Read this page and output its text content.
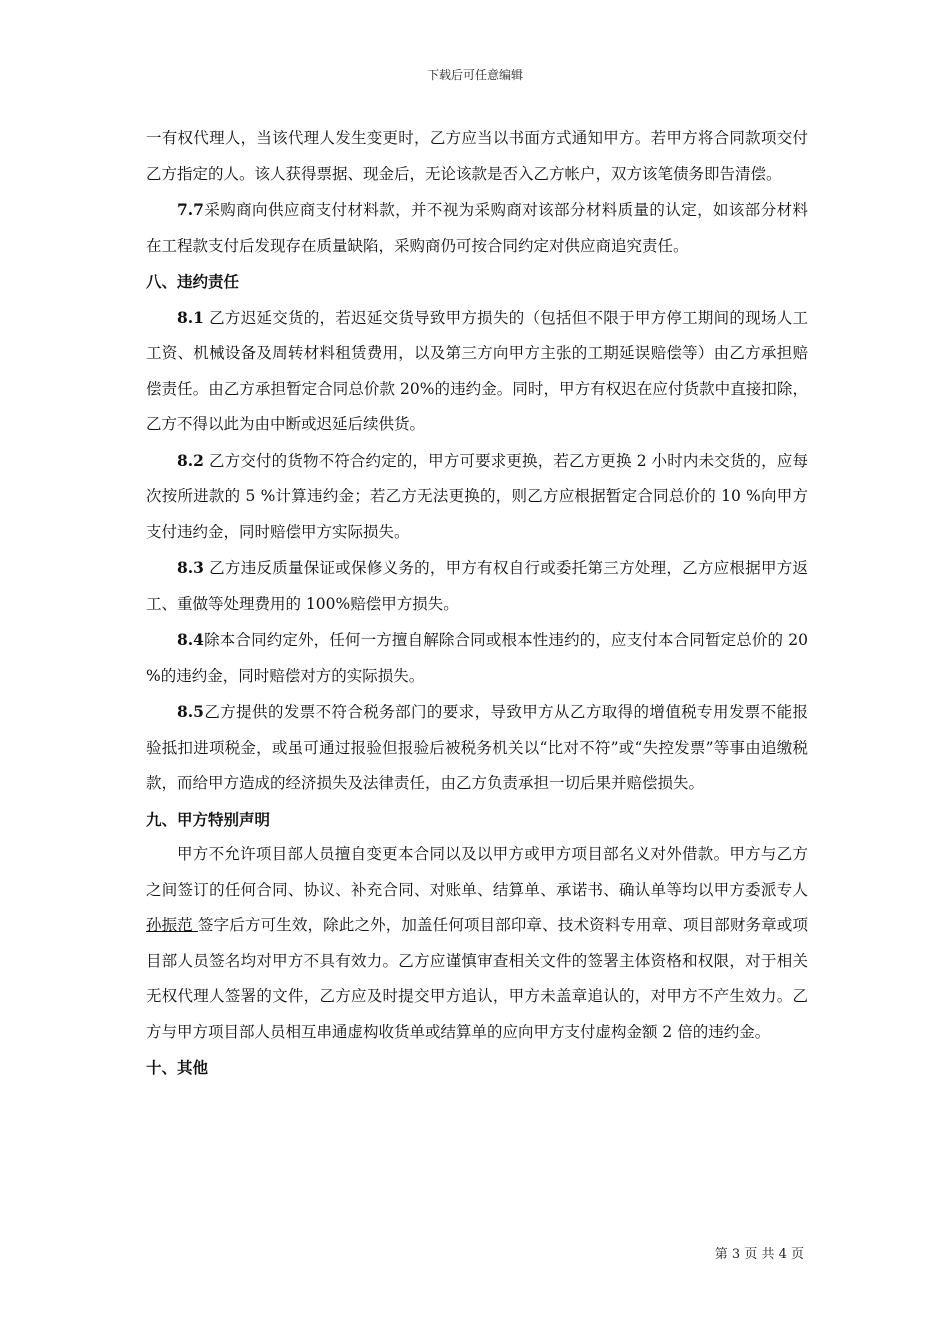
下载后可任意编辑

一有权代理人，当该代理人发生变更时，乙方应当以书面方式通知甲方。若甲方将合同款项交付乙方指定的人。该人获得票据、现金后，无论该款是否入乙方帐户，双方该笔债务即告清偿。

7.7采购商向供应商支付材料款，并不视为采购商对该部分材料质量的认定，如该部分材料在工程款支付后发现存在质量缺陷，采购商仍可按合同约定对供应商追究责任。

八、违约责任

8.1 乙方迟延交货的，若迟延交货导致甲方损失的（包括但不限于甲方停工期间的现场人工工资、机械设备及周转材料租赁费用，以及第三方向甲方主张的工期延误赔偿等）由乙方承担赔偿责任。由乙方承担暂定合同总价款 20%的违约金。同时，甲方有权迟在应付货款中直接扣除，乙方不得以此为由中断或迟延后续供货。

8.2 乙方交付的货物不符合约定的，甲方可要求更换，若乙方更换 2 小时内未交货的，应每次按所进款的 5 %计算违约金；若乙方无法更换的，则乙方应根据暂定合同总价的 10 %向甲方支付违约金，同时赔偿甲方实际损失。

8.3 乙方违反质量保证或保修义务的，甲方有权自行或委托第三方处理，乙方应根据甲方返工、重做等处理费用的 100%赔偿甲方损失。

8.4除本合同约定外，任何一方擅自解除合同或根本性违约的，应支付本合同暂定总价的 20 %的违约金，同时赔偿对方的实际损失。

8.5乙方提供的发票不符合税务部门的要求，导致甲方从乙方取得的增值税专用发票不能报验抵扣进项税金，或虽可通过报验但报验后被税务机关以“比对不符”或“失控发票”等事由追缴税款，而给甲方造成的经济损失及法律责任，由乙方负责承担一切后果并赔偿损失。

九、甲方特别声明

甲方不允许项目部人员擅自变更本合同以及以甲方或甲方项目部名义对外借款。甲方与乙方之间签订的任何合同、协议、补充合同、对账单、结算单、承诺书、确认单等均以甲方委派专人 孙振范 签字后方可生效，除此之外，加盖任何项目部印章、技术资料专用章、项目部财务章或项目部人员签名均对甲方不具有效力。乙方应谨慎审查相关文件的签署主体资格和权限，对于相关无权代理人签署的文件，乙方应及时提交甲方追认，甲方未盖章追认的，对甲方不产生效力。乙方与甲方项目部人员相互串通虚构收货单或结算单的应向甲方支付虚构金额 2 倍的违约金。

十、其他

第 3 页 共 4 页
